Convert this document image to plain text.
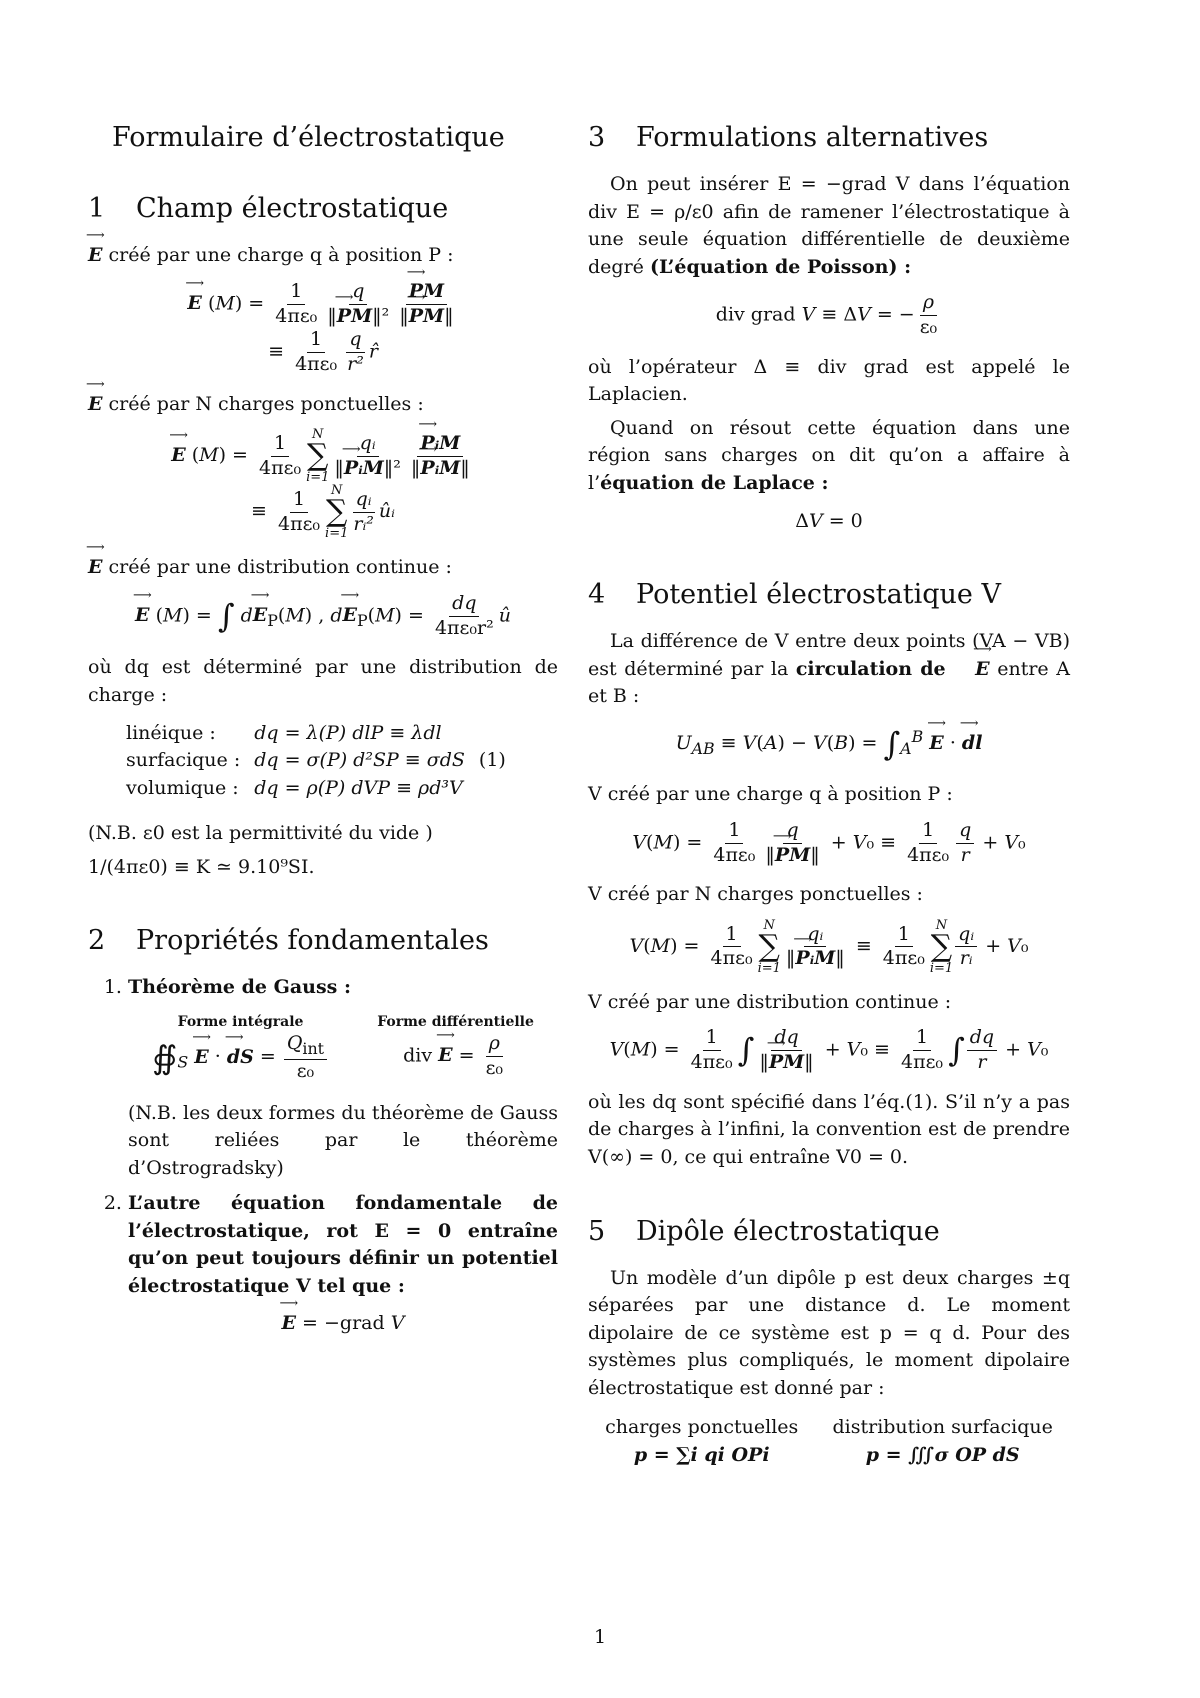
Formulaire d’électrostatique
1 Champ électrostatique

⟶ E créé par une charge q à position P :

⟶ E $(M) = \frac{1}{\text{4πε₀}} \frac{q}{\text{‖⟶ PM‖²}}$ ⟶ $\frac{PM}{‖⟶ PM‖}$

≡ $\frac{1}{\text{4πε₀}} \frac{q}{\text{r²}}$ r̂

⟶ E créé par N charges ponctuelles :

⟶ E $(M) = \frac{1}{\text{4πε₀}}$ N
∑
$i=1 \frac{\text{qᵢ}}{\text{‖⟶ PᵢM‖²}}$ ⟶ $\frac{\text{PᵢM}}{\text{‖⟶ PᵢM‖}}$

≡ $\frac{1}{\text{4πε₀}}$ N
∑
$i=1 \frac{\text{qᵢ}}{\text{rᵢ²}}$ ûᵢ

⟶ E créé par une distribution continue :

⟶ E (M) = ∫ d⟶ $E_P(M)$ , d⟶ $E_P(M) = \frac{dq}{\text{4πε₀r²}}$ û

où dq est déterminé par une distribution de charge :

linéique :	dq = λ(P) dlP ≡ λdl	
surfacique :	dq = σ(P) d²SP ≡ σdS	(1)
volumique :	dq = ρ(P) dVP ≡ ρd³V	

(N.B. ε0 est la permittivité du vide )

1/(4πε0) ≡ K ≃ 9.10⁹SI.

2 Propriétés fondamentales
1. Théorème de Gauss :
Forme intégrale
$∯_S$ ⟶ E · ⟶ dS = $\frac{Q_{int}}{\text{ε₀}}$
Forme différentielle
div ⟶ $E = \frac{\rho}{\text{ε₀}}$

(N.B. les deux formes du théorème de Gauss sont reliées par le théorème d’Ostrogradsky)

2. L’autre équation fondamentale de l’électrostatique, rot E = 0 entraîne qu’on peut toujours définir un potentiel électrostatique V tel que :

⟶ E = −grad V
3 Formulations alternatives

On peut insérer E = −grad V dans l’équation div E = ρ/ε0 afin de ramener l’électrostatique à une seule équation différentielle de deuxième degré (L’équation de Poisson) :

div grad V ≡ ΔV = − $\frac{\rho}{\text{ε₀}}$

où l’opérateur Δ ≡ div grad est appelé le Laplacien.

Quand on résout cette équation dans une région sans charges on dit qu’on a affaire à l’équation de Laplace :

ΔV = 0
4 Potentiel électrostatique V

La différence de V entre deux points (VA − VB) est déterminé par la circulation de ⟶ E entre A et B :

$U_{AB} \equiv V(A) - V(B) = \int_A^B$ ⟶ E · ⟶ dl

V créé par une charge q à position P :

$V(M) = \frac{1}{\text{4πε₀}} \frac{q}{‖⟶ PM‖} + V_0 \equiv \frac{1}{\text{4πε₀}} \frac{q}{r} + V_0$

V créé par N charges ponctuelles :

$V(M) = \frac{1}{\text{4πε₀}}$ N
∑
$i=1 \frac{\text{qᵢ}}{\text{‖⟶ PᵢM‖}} \equiv \frac{1}{\text{4πε₀}}$ N
∑
$i=1 \frac{\text{qᵢ}}{\text{rᵢ}} + V_0$

V créé par une distribution continue :

$V(M) = \frac{1}{\text{4πε₀}}$ ∫ $\frac{dq}{‖⟶ PM‖} + V_0 \equiv \frac{1}{\text{4πε₀}}$ ∫ $\frac{dq}{r} + V_0$

où les dq sont spécifié dans l’éq.(1). S’il n’y a pas de charges à l’infini, la convention est de prendre V(∞) = 0, ce qui entraîne V0 = 0.

5 Dipôle électrostatique

Un modèle d’un dipôle p est deux charges ±q séparées par une distance d. Le moment dipolaire de ce système est p = q d. Pour des systèmes plus compliqués, le moment dipolaire électrostatique est donné par :

charges ponctuelles
p = ∑i qi OPi
distribution surfacique
p = ∭σ OP dS
1
